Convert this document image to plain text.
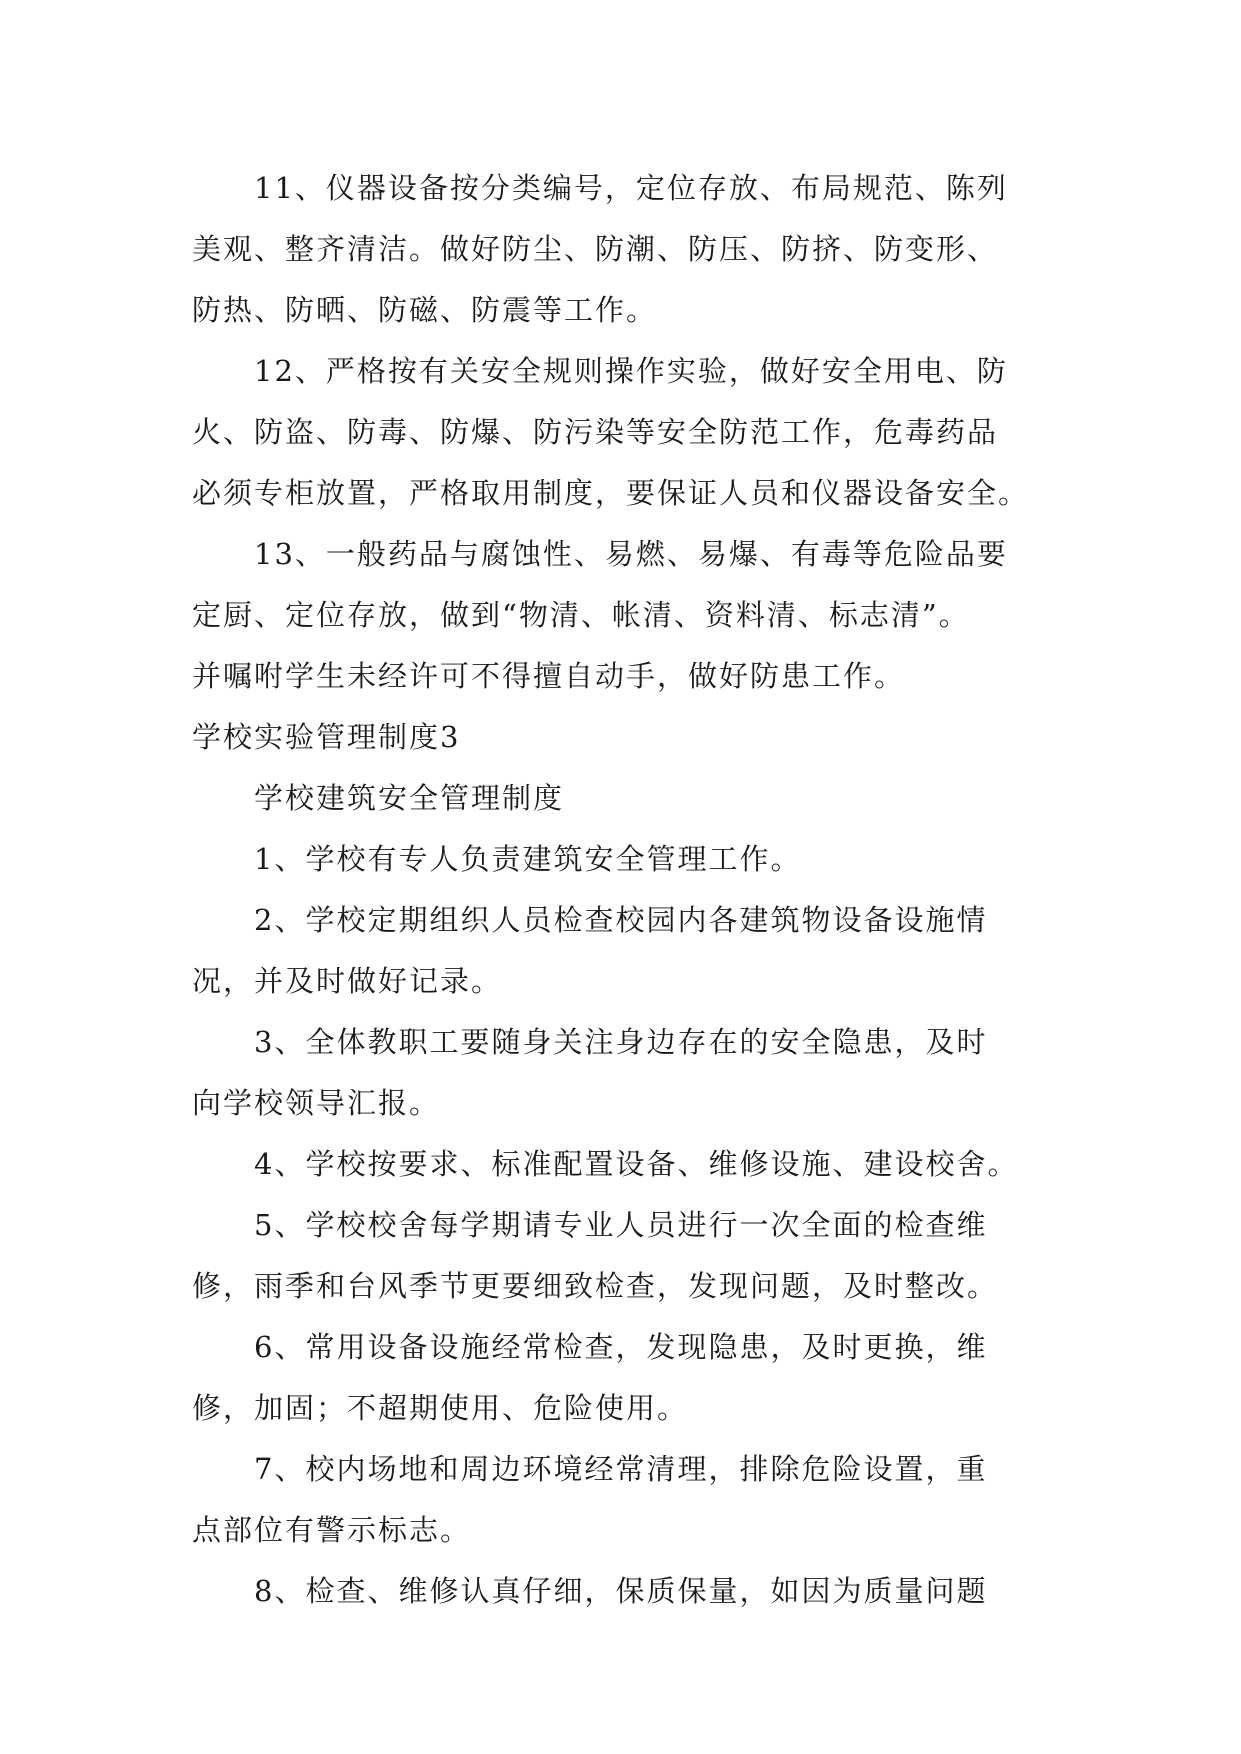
11、仪器设备按分类编号，定位存放、布局规范、陈列
美观、整齐清洁。做好防尘、防潮、防压、防挤、防变形、
防热、防晒、防磁、防震等工作。
12、严格按有关安全规则操作实验，做好安全用电、防
火、防盗、防毒、防爆、防污染等安全防范工作，危毒药品
必须专柜放置，严格取用制度，要保证人员和仪器设备安全。
13、一般药品与腐蚀性、易燃、易爆、有毒等危险品要
定厨、定位存放，做到“物清、帐清、资料清、标志清”。
并嘱咐学生未经许可不得擅自动手，做好防患工作。
学校实验管理制度3
学校建筑安全管理制度
1、学校有专人负责建筑安全管理工作。
2、学校定期组织人员检查校园内各建筑物设备设施情
况，并及时做好记录。
3、全体教职工要随身关注身边存在的安全隐患，及时
向学校领导汇报。
4、学校按要求、标准配置设备、维修设施、建设校舍。
5、学校校舍每学期请专业人员进行一次全面的检查维
修，雨季和台风季节更要细致检查，发现问题，及时整改。
6、常用设备设施经常检查，发现隐患，及时更换，维
修，加固；不超期使用、危险使用。
7、校内场地和周边环境经常清理，排除危险设置，重
点部位有警示标志。
8、检查、维修认真仔细，保质保量，如因为质量问题
